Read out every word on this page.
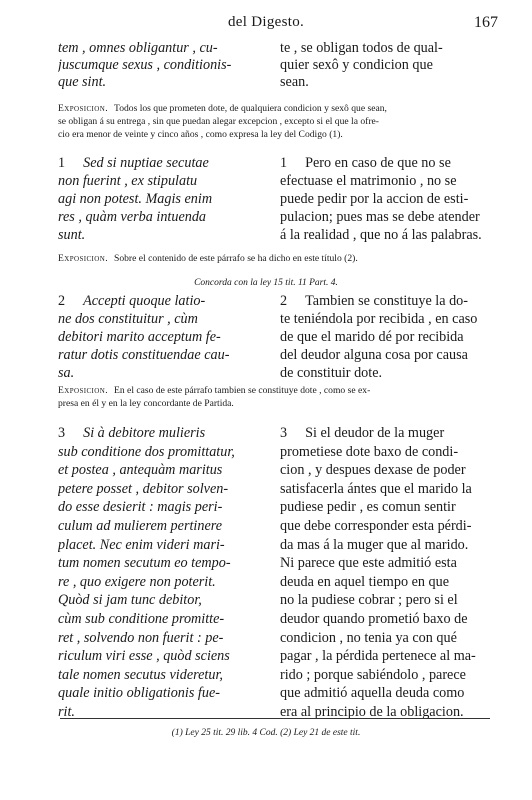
del Digesto.	167
tem , omnes obligantur , cu-
juscumque sexus , conditionis-
que sint.
te , se obligan todos de qual-
quier sexô y condicion que
sean.
Exposicion. Todos los que prometen dote, de qualquiera condicion y sexô que sean,
se obligan á su entrega , sin que puedan alegar excepcion , excepto si el que la ofre-
cio era menor de veinte y cinco años , como expresa la ley del Codigo (1).
1 Sed si nuptiae secutae
non fuerint , ex stipulatu
agi non potest. Magis enim
res , quàm verba intuenda
sunt.
1 Pero en caso de que no se
efectuase el matrimonio , no se
puede pedir por la accion de esti-
pulacion; pues mas se debe atender
á la realidad , que no á las palabras.
Exposicion. Sobre el contenido de este párrafo se ha dicho en este título (2).
Concorda con la ley 15 tit. 11 Part. 4.
2 Accepti quoque latio-
ne dos constituitur , cùm
debitori marito acceptum fe-
ratur dotis constituendae cau-
sa.
2 Tambien se constituye la do-
te teniéndola por recibida , en caso
de que el marido dé por recibida
del deudor alguna cosa por causa
de constituir dote.
Exposicion. En el caso de este párrafo tambien se constituye dote , como se ex-
presa en él y en la ley concordante de Partida.
3 Si à debitore mulieris
sub conditione dos promittatur,
et postea , antequàm maritus
petere posset , debitor solven-
do esse desierit : magis peri-
culum ad mulierem pertinere
placet. Nec enim videri mari-
tum nomen secutum eo tempo-
re , quo exigere non poterit.
Quòd si jam tunc debitor,
cùm sub conditione promitte-
ret , solvendo non fuerit : pe-
riculum viri esse , quòd sciens
tale nomen secutus videretur,
quale initio obligationis fue-
rit.
3 Si el deudor de la muger
prometiese dote baxo de condi-
cion , y despues dexase de poder
satisfacerla ántes que el marido la
pudiese pedir , es comun sentir
que debe corresponder esta pérdi-
da mas á la muger que al marido.
Ni parece que este admitió esta
deuda en aquel tiempo en que
no la pudiese cobrar ; pero si el
deudor quando prometió baxo de
condicion , no tenia ya con qué
pagar , la pérdida pertenece al ma-
rido ; porque sabiéndolo , parece
que admitió aquella deuda como
era al principio de la obligacion.
(1) Ley 25 tit. 29 lib. 4 Cod. (2) Ley 21 de este tit.
